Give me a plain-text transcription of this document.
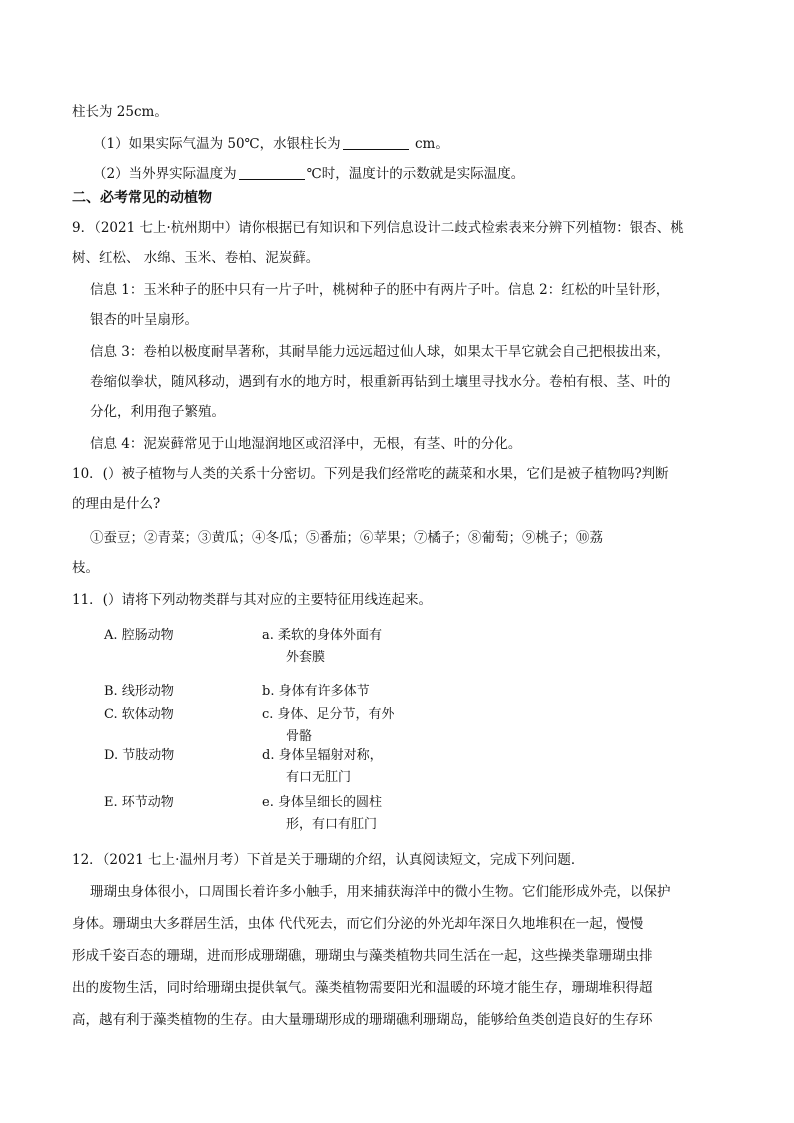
柱长为 25cm。
（1）如果实际气温为 50℃，水银柱长为	cm。
（2）当外界实际温度为	℃时，温度计的示数就是实际温度。
二、必考常见的动植物
9．（2021 七上·杭州期中）请你根据已有知识和下列信息设计二歧式检索表来分辨下列植物：银杏、桃
树、红松、 水绵、玉米、卷柏、泥炭藓。
信息 1：玉米种子的胚中只有一片子叶，桃树种子的胚中有两片子叶。信息 2：红松的叶呈针形，
银杏的叶呈扇形。
信息 3：卷柏以极度耐旱著称，其耐旱能力远远超过仙人球，如果太干旱它就会自己把根拔出来，
卷缩似拳状，随风移动，遇到有水的地方时，根重新再钻到土壤里寻找水分。卷柏有根、茎、叶的
分化，利用孢子繁殖。
信息 4：泥炭藓常见于山地湿润地区或沼泽中，无根，有茎、叶的分化。
10．(）被子植物与人类的关系十分密切。下列是我们经常吃的蔬菜和水果，它们是被子植物吗?判断
的理由是什么?
①蚕豆；②青菜；③黄瓜；④冬瓜；⑤番茄；⑥苹果；⑦橘子；⑧葡萄；⑨桃子；⑩荔
枝。
11．(）请将下列动物类群与其对应的主要特征用线连起来。
A. 腔肠动物
B. 线形动物
C. 软体动物
D. 节肢动物
E. 环节动物
a. 柔软的身体外面有
外套膜
b. 身体有许多体节
c. 身体、足分节，有外
骨骼
d. 身体呈辐射对称，
有口无肛门
e. 身体呈细长的圆柱
形，有口有肛门
12．（2021 七上·温州月考）下首是关于珊瑚的介绍，认真阅读短文，完成下列问题．
珊瑚虫身体很小，口周围长着许多小触手，用来捕获海洋中的微小生物。它们能形成外壳，以保护
身体。珊瑚虫大多群居生活，虫体 代代死去，而它们分泌的外光却年深日久地堆积在一起，慢慢
形成千姿百态的珊瑚，进而形成珊瑚礁，珊瑚虫与藻类植物共同生活在一起，这些操类靠珊瑚虫排
出的废物生活，同时给珊瑚虫提供氧气。藻类植物需要阳光和温暖的环境才能生存，珊瑚堆积得超
高，越有利于藻类植物的生存。由大量珊瑚形成的珊瑚礁利珊瑚岛，能够给鱼类创造良好的生存环
